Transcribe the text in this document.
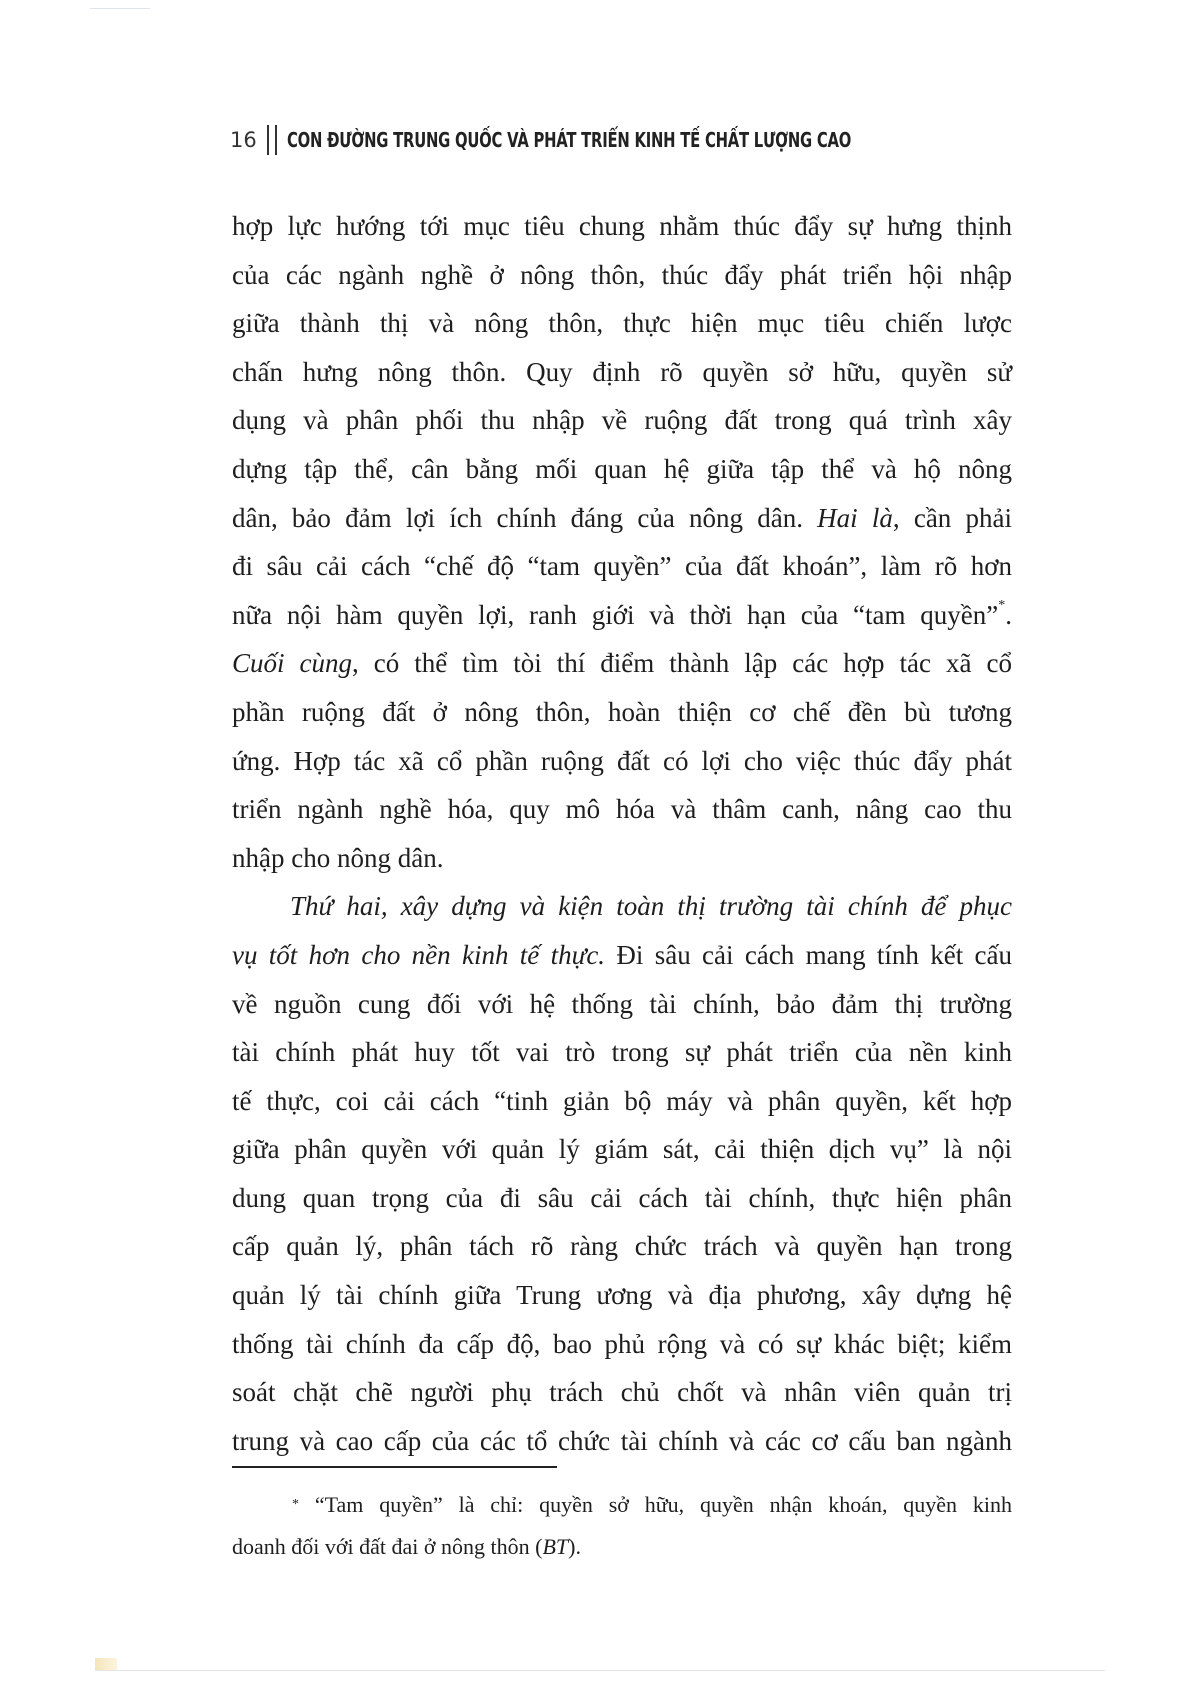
16 CON ĐƯỜNG TRUNG QUỐC VÀ PHÁT TRIỂN KINH TẾ CHẤT LƯỢNG CAO
hợp lực hướng tới mục tiêu chung nhằm thúc đẩy sự hưng thịnh
của các ngành nghề ở nông thôn, thúc đẩy phát triển hội nhập
giữa thành thị và nông thôn, thực hiện mục tiêu chiến lược
chấn hưng nông thôn. Quy định rõ quyền sở hữu, quyền sử
dụng và phân phối thu nhập về ruộng đất trong quá trình xây
dựng tập thể, cân bằng mối quan hệ giữa tập thể và hộ nông
dân, bảo đảm lợi ích chính đáng của nông dân. Hai là, cần phải
đi sâu cải cách “chế độ “tam quyền” của đất khoán”, làm rõ hơn
nữa nội hàm quyền lợi, ranh giới và thời hạn của “tam quyền”*.
Cuối cùng, có thể tìm tòi thí điểm thành lập các hợp tác xã cổ
phần ruộng đất ở nông thôn, hoàn thiện cơ chế đền bù tương
ứng. Hợp tác xã cổ phần ruộng đất có lợi cho việc thúc đẩy phát
triển ngành nghề hóa, quy mô hóa và thâm canh, nâng cao thu
nhập cho nông dân.
Thứ hai, xây dựng và kiện toàn thị trường tài chính để phục
vụ tốt hơn cho nền kinh tế thực. Đi sâu cải cách mang tính kết cấu
về nguồn cung đối với hệ thống tài chính, bảo đảm thị trường
tài chính phát huy tốt vai trò trong sự phát triển của nền kinh
tế thực, coi cải cách “tinh giản bộ máy và phân quyền, kết hợp
giữa phân quyền với quản lý giám sát, cải thiện dịch vụ” là nội
dung quan trọng của đi sâu cải cách tài chính, thực hiện phân
cấp quản lý, phân tách rõ ràng chức trách và quyền hạn trong
quản lý tài chính giữa Trung ương và địa phương, xây dựng hệ
thống tài chính đa cấp độ, bao phủ rộng và có sự khác biệt; kiểm
soát chặt chẽ người phụ trách chủ chốt và nhân viên quản trị
trung và cao cấp của các tổ chức tài chính và các cơ cấu ban ngành
* “Tam quyền” là chỉ: quyền sở hữu, quyền nhận khoán, quyền kinh
doanh đối với đất đai ở nông thôn (BT).
